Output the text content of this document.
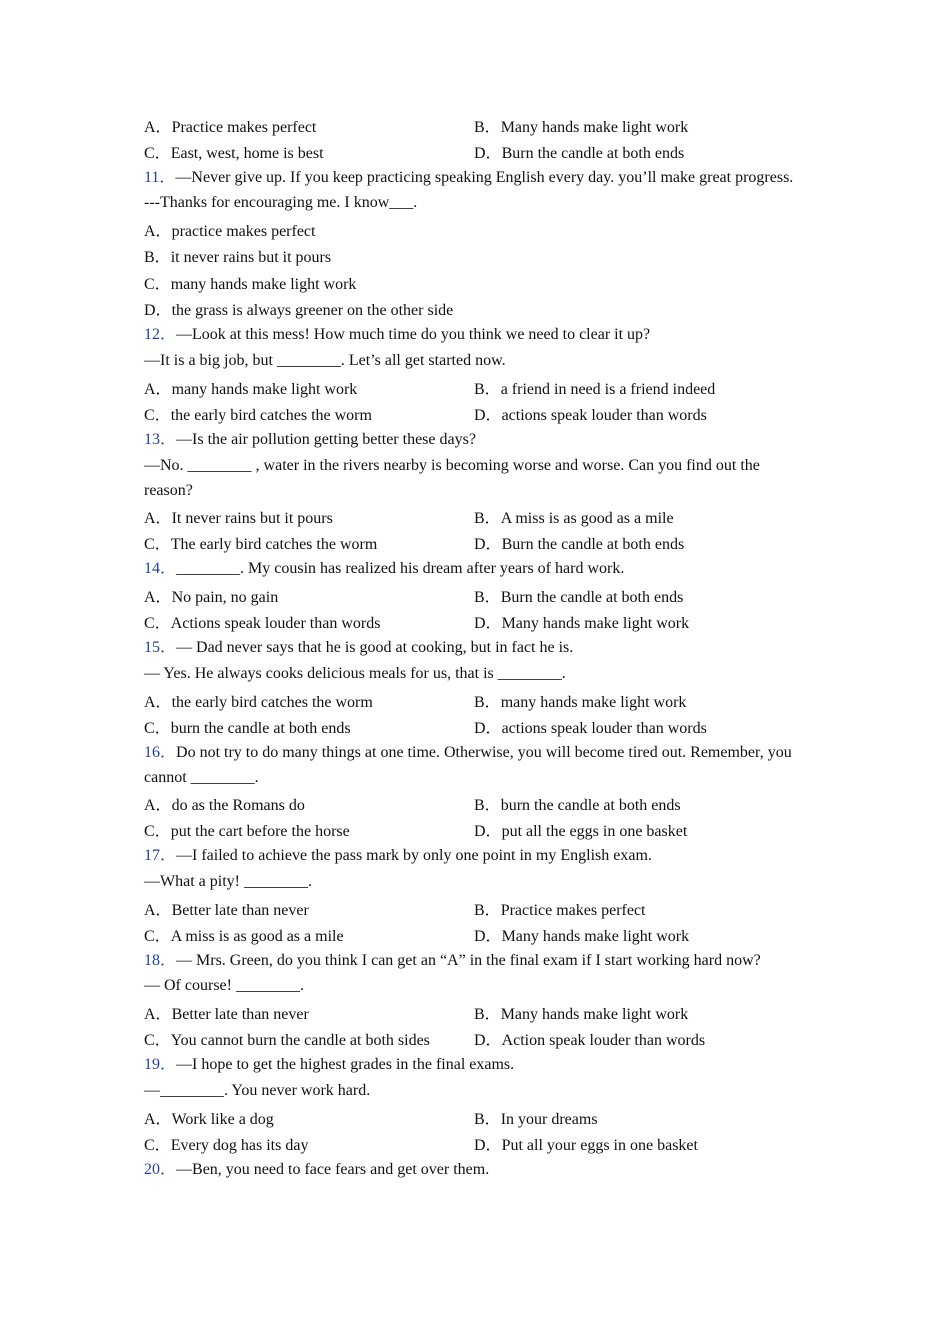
A．Practice makes perfect	B．Many hands make light work
C．East, west, home is best	D．Burn the candle at both ends
11．—Never give up. If you keep practicing speaking English every day. you’ll make great progress.
---Thanks for encouraging me. I know___.
A．practice makes perfect
B．it never rains but it pours
C．many hands make light work
D．the grass is always greener on the other side
12．—Look at this mess! How much time do you think we need to clear it up?
—It is a big job, but ________. Let’s all get started now.
A．many hands make light work	B．a friend in need is a friend indeed
C．the early bird catches the worm	D．actions speak louder than words
13．—Is the air pollution getting better these days?
—No. ________ , water in the rivers nearby is becoming worse and worse. Can you find out the reason?
A．It never rains but it pours	B．A miss is as good as a mile
C．The early bird catches the worm	D．Burn the candle at both ends
14．________. My cousin has realized his dream after years of hard work.
A．No pain, no gain	B．Burn the candle at both ends
C．Actions speak louder than words	D．Many hands make light work
15．— Dad never says that he is good at cooking, but in fact he is.
— Yes. He always cooks delicious meals for us, that is ________.
A．the early bird catches the worm	B．many hands make light work
C．burn the candle at both ends	D．actions speak louder than words
16．Do not try to do many things at one time. Otherwise, you will become tired out. Remember, you cannot ________.
A．do as the Romans do	B．burn the candle at both ends
C．put the cart before the horse	D．put all the eggs in one basket
17．—I failed to achieve the pass mark by only one point in my English exam.
—What a pity! ________.
A．Better late than never	B．Practice makes perfect
C．A miss is as good as a mile	D．Many hands make light work
18．— Mrs. Green, do you think I can get an “A” in the final exam if I start working hard now?
— Of course! ________.
A．Better late than never	B．Many hands make light work
C．You cannot burn the candle at both sides	D．Action speak louder than words
19．—I hope to get the highest grades in the final exams.
—________. You never work hard.
A．Work like a dog	B．In your dreams
C．Every dog has its day	D．Put all your eggs in one basket
20．—Ben, you need to face fears and get over them.
